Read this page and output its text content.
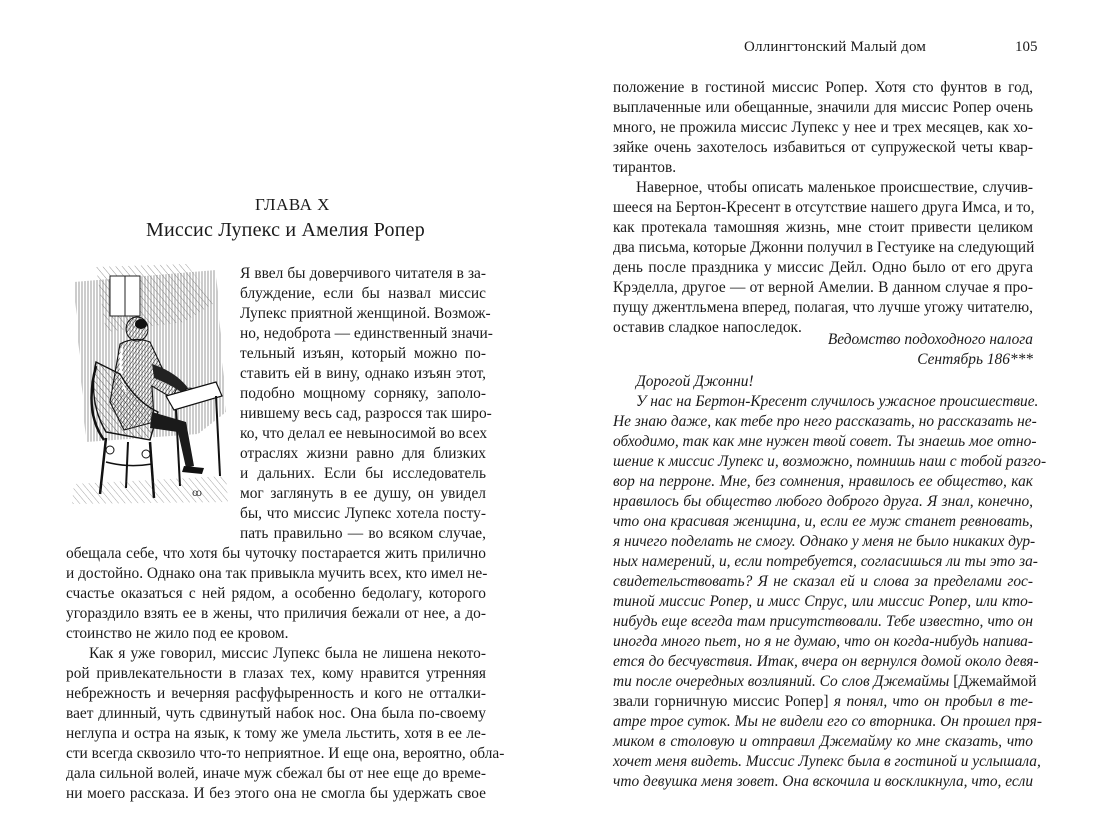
Оллингтонский Малый дом	105
ГЛАВА X
Миссис Лупекс и Амелия Ропер
ꝏ
Я ввел бы доверчивого читателя в за-
блуждение, если бы назвал миссис
Лупекс приятной женщиной. Возмож-
но, недоброта — единственный значи-
тельный изъян, который можно по-
ставить ей в вину, однако изъян этот,
подобно мощному сорняку, заполо-
нившему весь сад, разросся так широ-
ко, что делал ее невыносимой во всех
отраслях жизни равно для близких
и дальних. Если бы исследователь
мог заглянуть в ее душу, он увидел
бы, что миссис Лупекс хотела посту-
пать правильно — во всяком случае,
обещала себе, что хотя бы чуточку постарается жить прилично
и достойно. Однако она так привыкла мучить всех, кто имел не-
счастье оказаться с ней рядом, а особенно бедолагу, которого
угораздило взять ее в жены, что приличия бежали от нее, а до-
стоинство не жило под ее кровом.
Как я уже говорил, миссис Лупекс была не лишена некото-
рой привлекательности в глазах тех, кому нравится утренняя
небрежность и вечерняя расфуфыренность и кого не отталки-
вает длинный, чуть сдвинутый набок нос. Она была по-своему
неглупа и остра на язык, к тому же умела льстить, хотя в ее ле-
сти всегда сквозило что-то неприятное. И еще она, вероятно, обла-
дала сильной волей, иначе муж сбежал бы от нее еще до време-
ни моего рассказа. И без этого она не смогла бы удержать свое
положение в гостиной миссис Ропер. Хотя сто фунтов в год,
выплаченные или обещанные, значили для миссис Ропер очень
много, не прожила миссис Лупекс у нее и трех месяцев, как хо-
зяйке очень захотелось избавиться от супружеской четы квар-
тирантов.
Наверное, чтобы описать маленькое происшествие, случив-
шееся на Бертон-Кресент в отсутствие нашего друга Имса, и то,
как протекала тамошняя жизнь, мне стоит привести целиком
два письма, которые Джонни получил в Гестуике на следующий
день после праздника у миссис Дейл. Одно было от его друга
Крэделла, другое — от верной Амелии. В данном случае я про-
пущу джентльмена вперед, полагая, что лучше угожу читателю,
оставив сладкое напоследок.
Ведомство подоходного налога
Сентябрь 186***
Дорогой Джонни!
У нас на Бертон-Кресент случилось ужасное происшествие.
Не знаю даже, как тебе про него рассказать, но рассказать не-
обходимо, так как мне нужен твой совет. Ты знаешь мое отно-
шение к миссис Лупекс и, возможно, помнишь наш с тобой разго-
вор на перроне. Мне, без сомнения, нравилось ее общество, как
нравилось бы общество любого доброго друга. Я знал, конечно,
что она красивая женщина, и, если ее муж станет ревновать,
я ничего поделать не смогу. Однако у меня не было никаких дур-
ных намерений, и, если потребуется, согласишься ли ты это за-
свидетельствовать? Я не сказал ей и слова за пределами гос-
тиной миссис Ропер, и мисс Спрус, или миссис Ропер, или кто-
нибудь еще всегда там присутствовали. Тебе известно, что он
иногда много пьет, но я не думаю, что он когда-нибудь напива-
ется до бесчувствия. Итак, вчера он вернулся домой около девя-
ти после очередных возлияний. Со слов Джемаймы [Джемаймой
звали горничную миссис Ропер] я понял, что он пробыл в те-
атре трое суток. Мы не видели его со вторника. Он прошел пря-
миком в столовую и отправил Джемайму ко мне сказать, что
хочет меня видеть. Миссис Лупекс была в гостиной и услышала,
что девушка меня зовет. Она вскочила и воскликнула, что, если
